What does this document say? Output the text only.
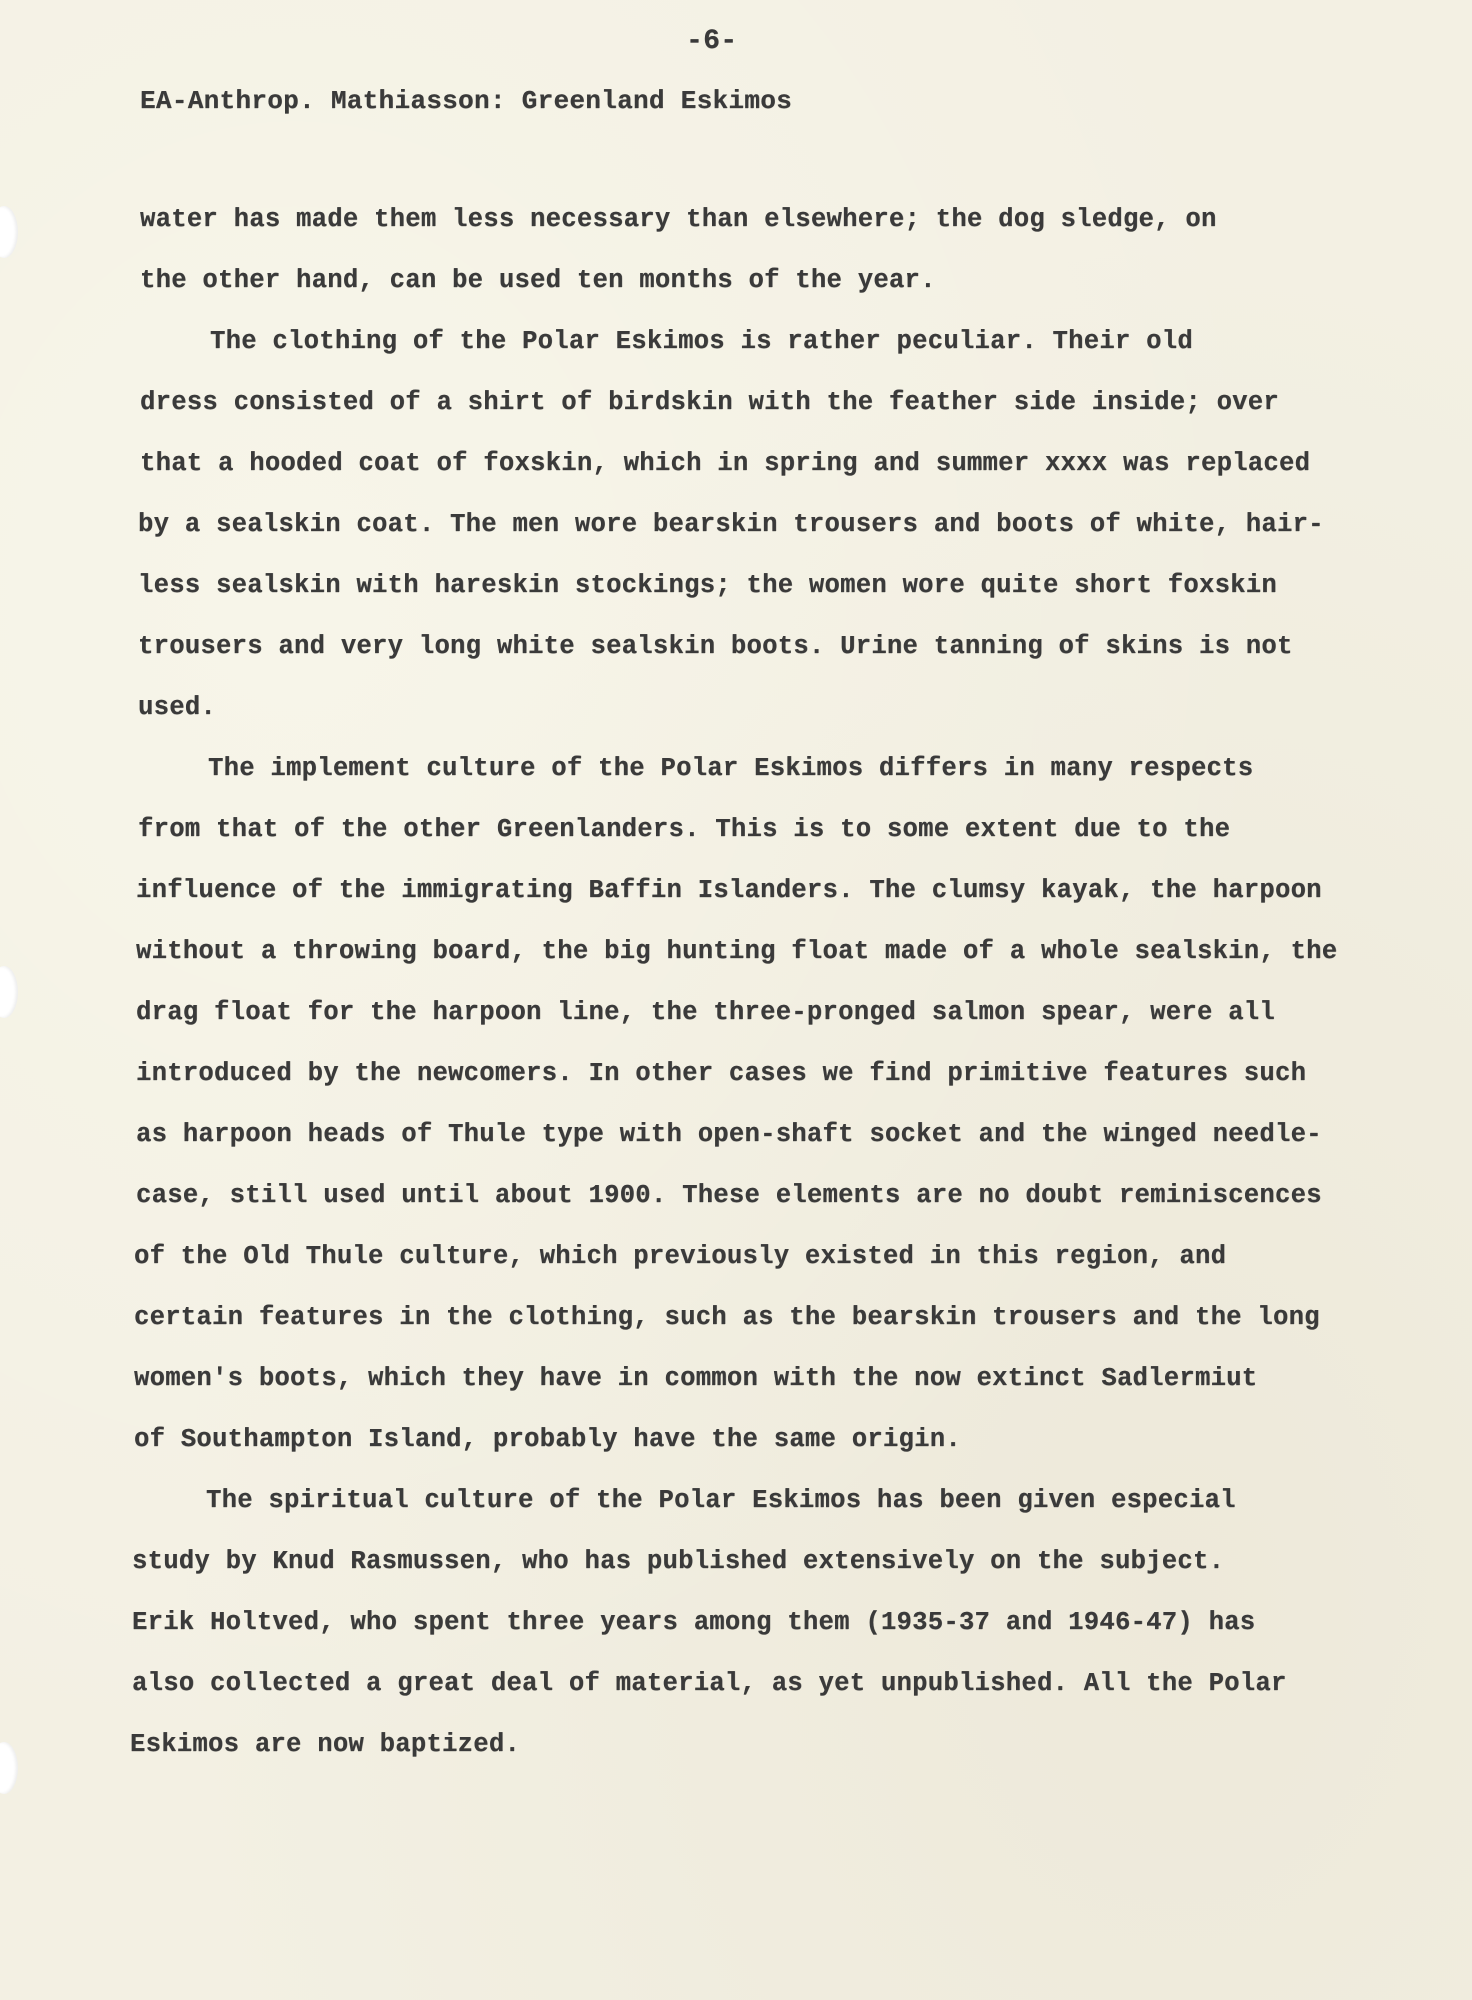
-6-
EA-Anthrop. Mathiasson: Greenland Eskimos
water has made them less necessary than elsewhere; the dog sledge, on
the other hand, can be used ten months of the year.
The clothing of the Polar Eskimos is rather peculiar. Their old
dress consisted of a shirt of birdskin with the feather side inside; over
that a hooded coat of foxskin, which in spring and summer xxxx was replaced
by a sealskin coat. The men wore bearskin trousers and boots of white, hair-
less sealskin with hareskin stockings; the women wore quite short foxskin
trousers and very long white sealskin boots. Urine tanning of skins is not
used.
The implement culture of the Polar Eskimos differs in many respects
from that of the other Greenlanders. This is to some extent due to the
influence of the immigrating Baffin Islanders. The clumsy kayak, the harpoon
without a throwing board, the big hunting float made of a whole sealskin, the
drag float for the harpoon line, the three-pronged salmon spear, were all
introduced by the newcomers. In other cases we find primitive features such
as harpoon heads of Thule type with open-shaft socket and the winged needle-
case, still used until about 1900. These elements are no doubt reminiscences
of the Old Thule culture, which previously existed in this region, and
certain features in the clothing, such as the bearskin trousers and the long
women's boots, which they have in common with the now extinct Sadlermiut
of Southampton Island, probably have the same origin.
The spiritual culture of the Polar Eskimos has been given especial
study by Knud Rasmussen, who has published extensively on the subject.
Erik Holtved, who spent three years among them (1935-37 and 1946-47) has
also collected a great deal of material, as yet unpublished. All the Polar
Eskimos are now baptized.
